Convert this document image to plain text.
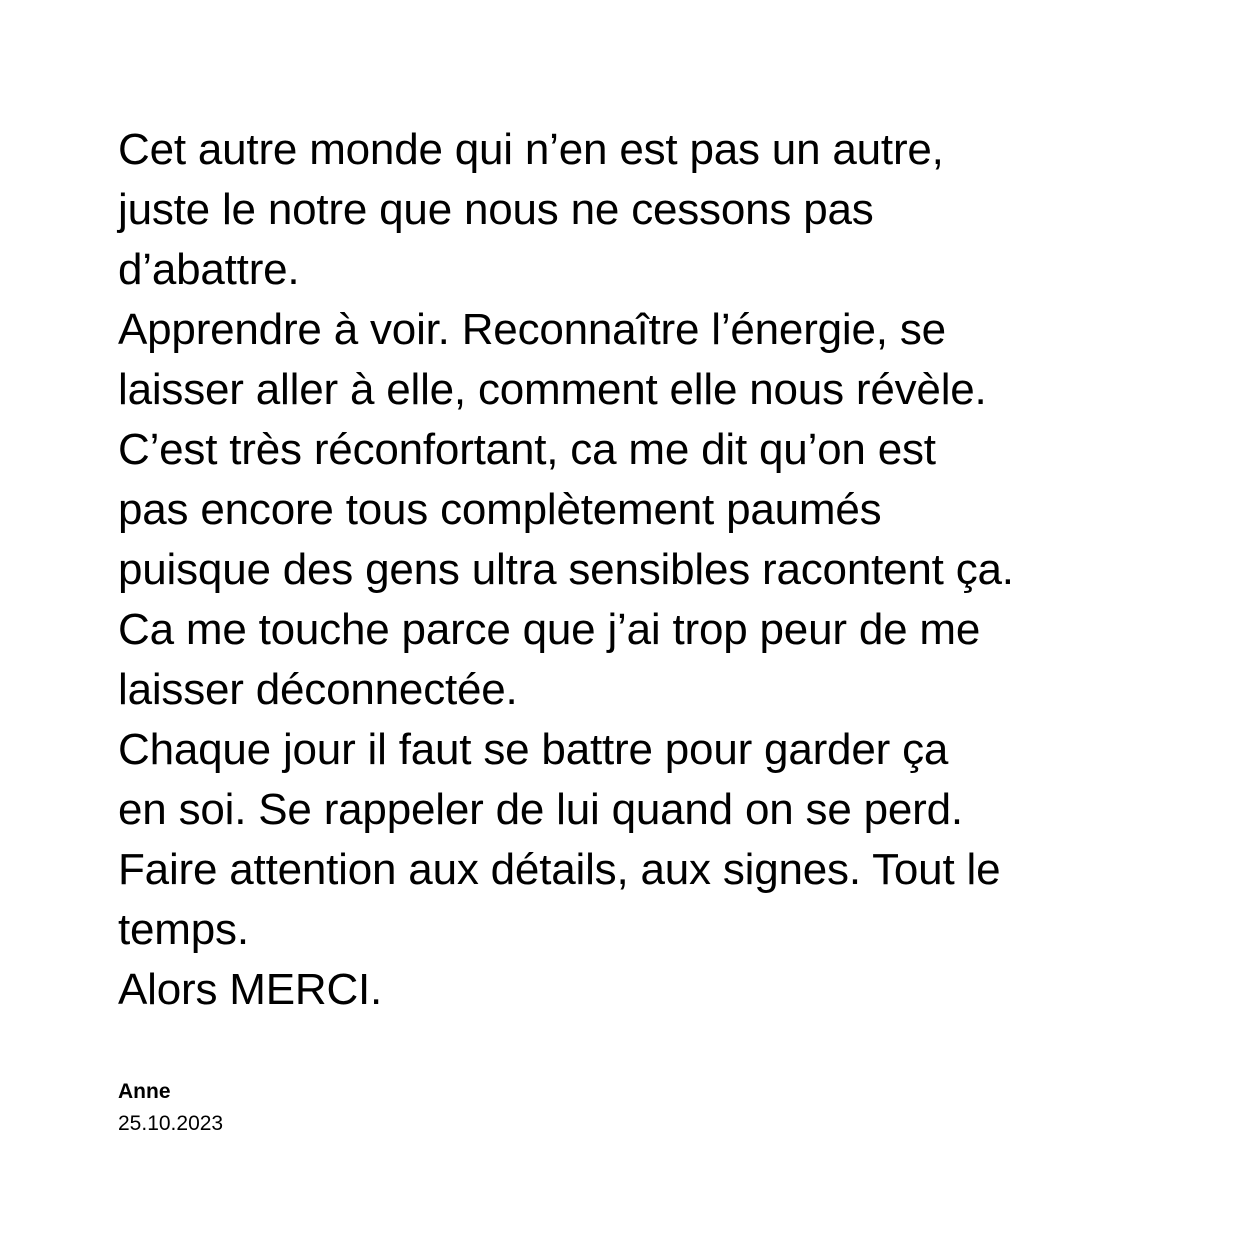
Cet autre monde qui n’en est pas un autre,
juste le notre que nous ne cessons pas
d’abattre.
Apprendre à voir. Reconnaître l’énergie, se
laisser aller à elle, comment elle nous révèle.
C’est très réconfortant, ca me dit qu’on est
pas encore tous complètement paumés
puisque des gens ultra sensibles racontent ça.
Ca me touche parce que j’ai trop peur de me
laisser déconnectée.
Chaque jour il faut se battre pour garder ça
en soi. Se rappeler de lui quand on se perd.
Faire attention aux détails, aux signes. Tout le
temps.
Alors MERCI.
Anne
25.10.2023
